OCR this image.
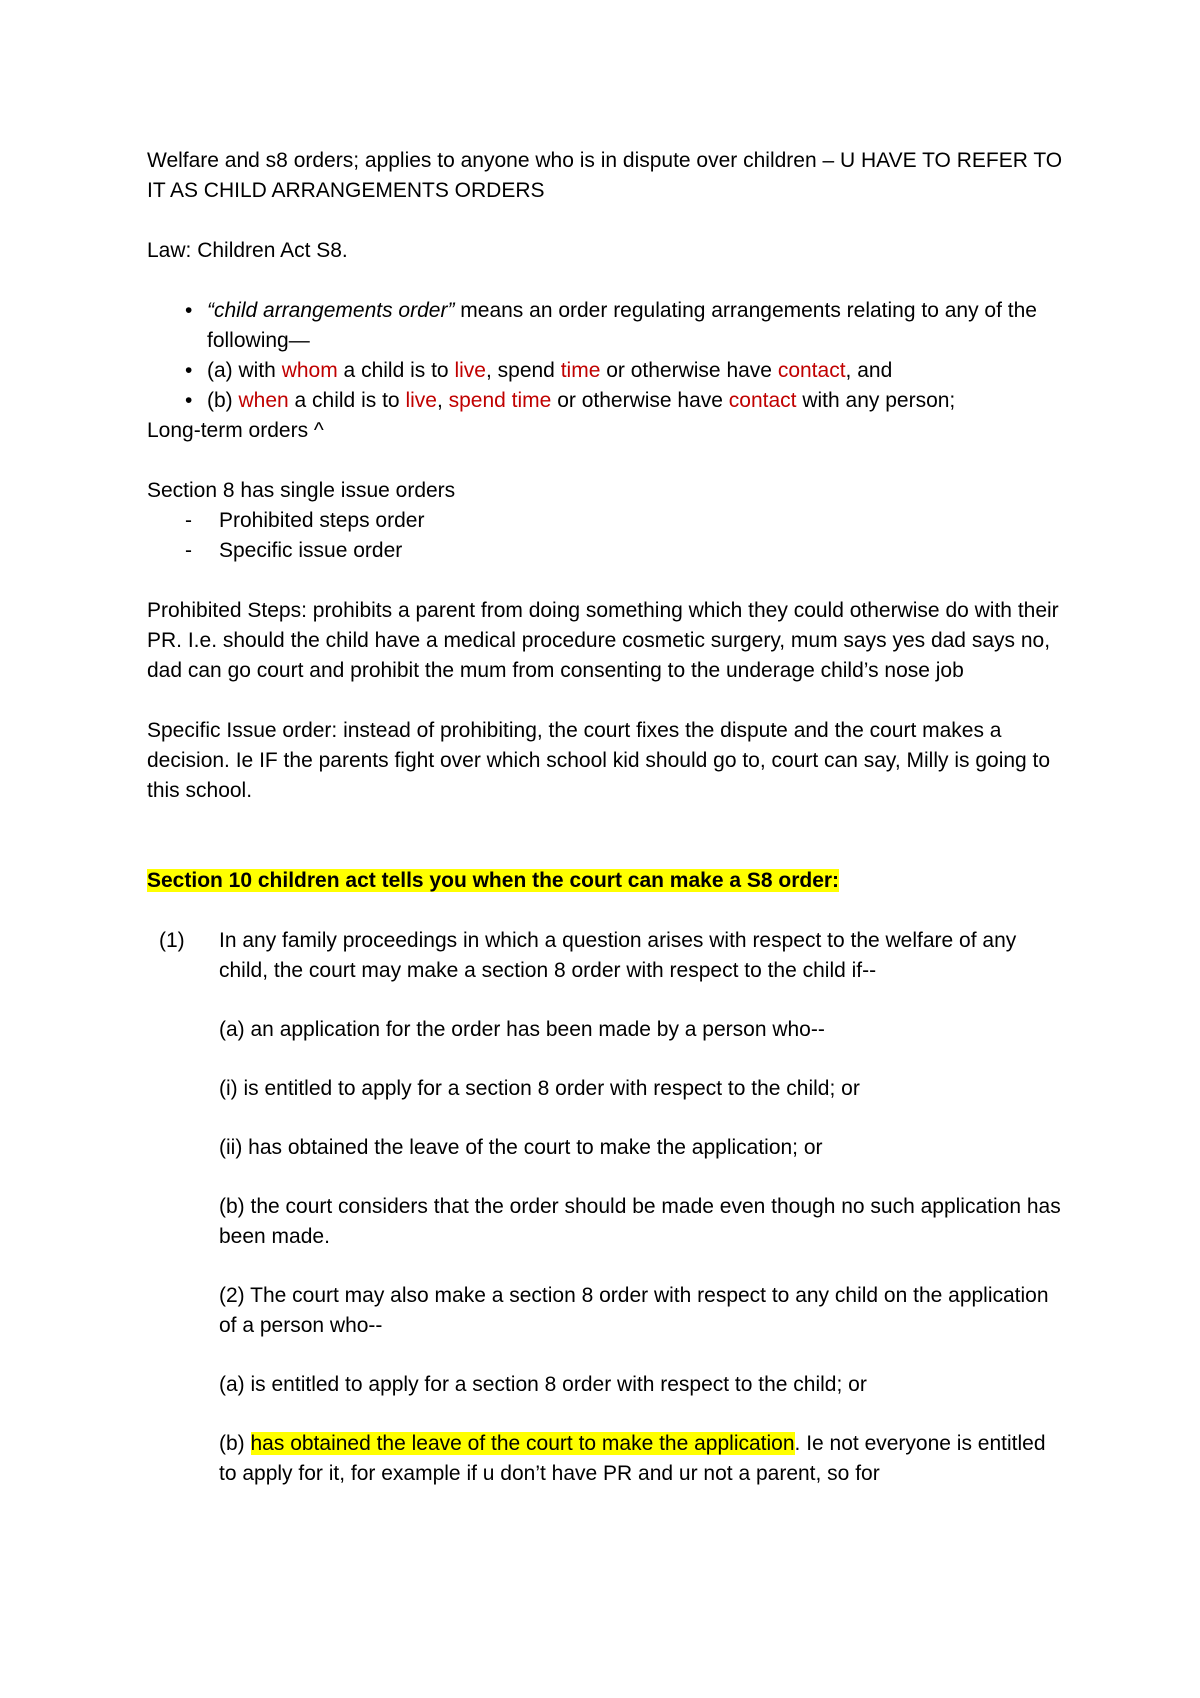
Welfare and s8 orders; applies to anyone who is in dispute over children – U HAVE TO REFER TO IT AS CHILD ARRANGEMENTS ORDERS

Law: Children Act S8.

• “child arrangements order” means an order regulating arrangements relating to any of the following—
• (a) with whom a child is to live, spend time or otherwise have contact, and
• (b) when a child is to live, spend time or otherwise have contact with any person;

Long-term orders ^

Section 8 has single issue orders

- Prohibited steps order
- Specific issue order

Prohibited Steps: prohibits a parent from doing something which they could otherwise do with their PR. I.e. should the child have a medical procedure cosmetic surgery, mum says yes dad says no, dad can go court and prohibit the mum from consenting to the underage child’s nose job

Specific Issue order: instead of prohibiting, the court fixes the dispute and the court makes a decision. Ie IF the parents fight over which school kid should go to, court can say, Milly is going to this school.

Section 10 children act tells you when the court can make a S8 order:

(1) In any family proceedings in which a question arises with respect to the welfare of any child, the court may make a section 8 order with respect to the child if--

(a) an application for the order has been made by a person who--

(i) is entitled to apply for a section 8 order with respect to the child; or

(ii) has obtained the leave of the court to make the application; or

(b) the court considers that the order should be made even though no such application has been made.

(2) The court may also make a section 8 order with respect to any child on the application of a person who--

(a) is entitled to apply for a section 8 order with respect to the child; or

(b) has obtained the leave of the court to make the application. Ie not everyone is entitled to apply for it, for example if u don’t have PR and ur not a parent, so for
